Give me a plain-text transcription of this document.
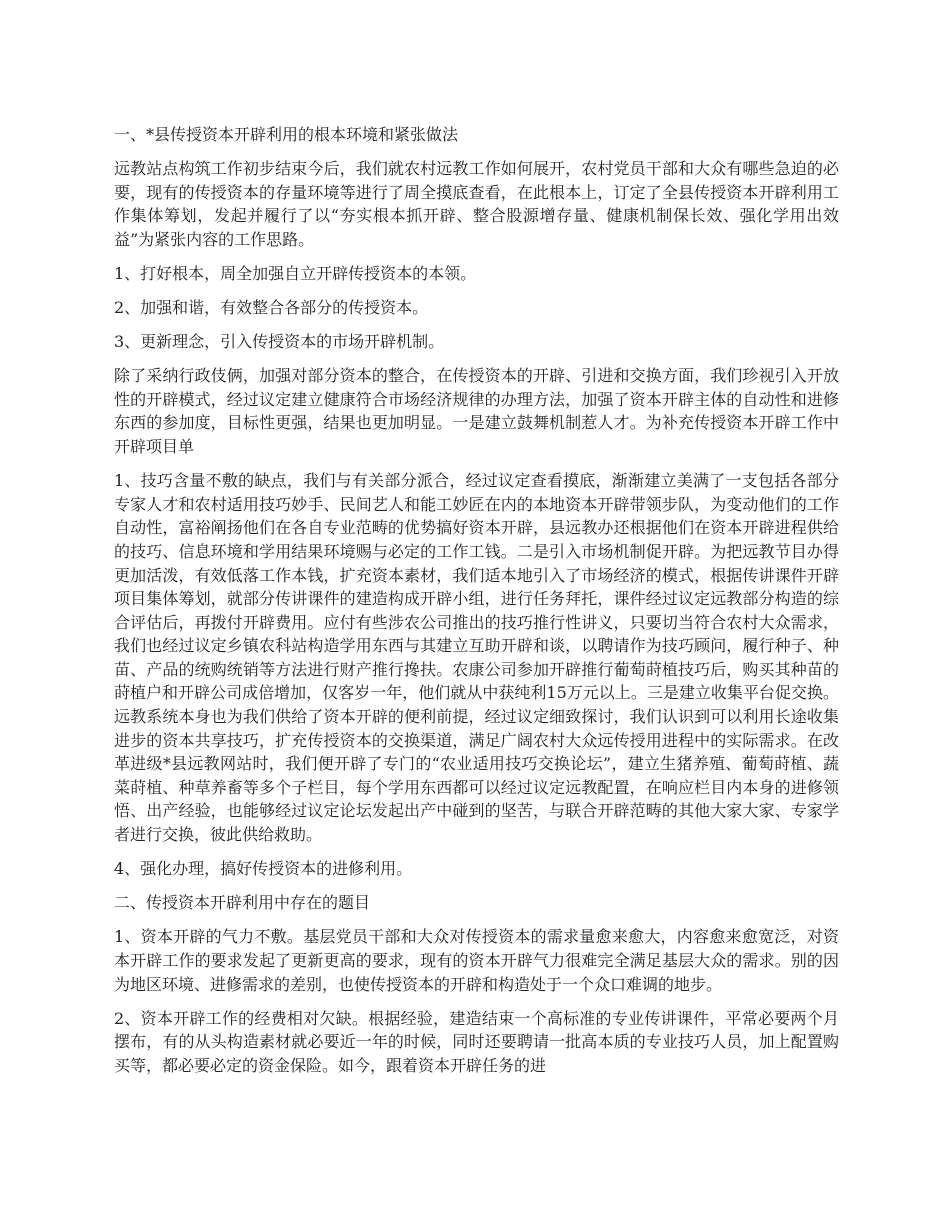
一、*县传授资本开辟利用的根本环境和紧张做法

远教站点构筑工作初步结束今后，我们就农村远教工作如何展开，农村党员干部和大众有哪些急迫的必要，现有的传授资本的存量环境等进行了周全摸底查看，在此根本上，订定了全县传授资本开辟利用工作集体筹划，发起并履行了以“夯实根本抓开辟、整合股源增存量、健康机制保长效、强化学用出效益”为紧张内容的工作思路。

1、打好根本，周全加强自立开辟传授资本的本领。

2、加强和谐，有效整合各部分的传授资本。

3、更新理念，引入传授资本的市场开辟机制。

除了采纳行政伎俩，加强对部分资本的整合，在传授资本的开辟、引进和交换方面，我们珍视引入开放性的开辟模式，经过议定建立健康符合市场经济规律的办理方法，加强了资本开辟主体的自动性和进修东西的参加度，目标性更强，结果也更加明显。一是建立鼓舞机制惹人才。为补充传授资本开辟工作中开辟项目单

1、技巧含量不敷的缺点，我们与有关部分派合，经过议定查看摸底，渐渐建立美满了一支包括各部分专家人才和农村适用技巧妙手、民间艺人和能工妙匠在内的本地资本开辟带领步队，为变动他们的工作自动性，富裕阐扬他们在各自专业范畴的优势搞好资本开辟，县远教办还根据他们在资本开辟进程供给的技巧、信息环境和学用结果环境赐与必定的工作工钱。二是引入市场机制促开辟。为把远教节目办得更加活泼，有效低落工作本钱，扩充资本素材，我们适本地引入了市场经济的模式，根据传讲课件开辟项目集体筹划，就部分传讲课件的建造构成开辟小组，进行任务拜托，课件经过议定远教部分构造的综合评估后，再拨付开辟费用。应付有些涉农公司推出的技巧推行性讲义，只要切当符合农村大众需求，我们也经过议定乡镇农科站构造学用东西与其建立互助开辟和谈，以聘请作为技巧顾问，履行种子、种苗、产品的统购统销等方法进行财产推行搀扶。农康公司参加开辟推行葡萄莳植技巧后，购买其种苗的莳植户和开辟公司成倍增加，仅客岁一年，他们就从中获纯利15万元以上。三是建立收集平台促交换。远教系统本身也为我们供给了资本开辟的便利前提，经过议定细致探讨，我们认识到可以利用长途收集进步的资本共享技巧，扩充传授资本的交换渠道，满足广阔农村大众远传授用进程中的实际需求。在改革进级*县远教网站时，我们便开辟了专门的“农业适用技巧交换论坛”，建立生猪养殖、葡萄莳植、蔬菜莳植、种草养畜等多个子栏目，每个学用东西都可以经过议定远教配置，在响应栏目内本身的进修领悟、出产经验，也能够经过议定论坛发起出产中碰到的坚苦，与联合开辟范畴的其他大家大家、专家学者进行交换，彼此供给救助。

4、强化办理，搞好传授资本的进修利用。

二、传授资本开辟利用中存在的题目

1、资本开辟的气力不敷。基层党员干部和大众对传授资本的需求量愈来愈大，内容愈来愈宽泛，对资本开辟工作的要求发起了更新更高的要求，现有的资本开辟气力很难完全满足基层大众的需求。别的因为地区环境、进修需求的差别，也使传授资本的开辟和构造处于一个众口难调的地步。

2、资本开辟工作的经费相对欠缺。根据经验，建造结束一个高标准的专业传讲课件，平常必要两个月摆布，有的从头构造素材就必要近一年的时候，同时还要聘请一批高本质的专业技巧人员，加上配置购买等，都必要必定的资金保险。如今，跟着资本开辟任务的进
